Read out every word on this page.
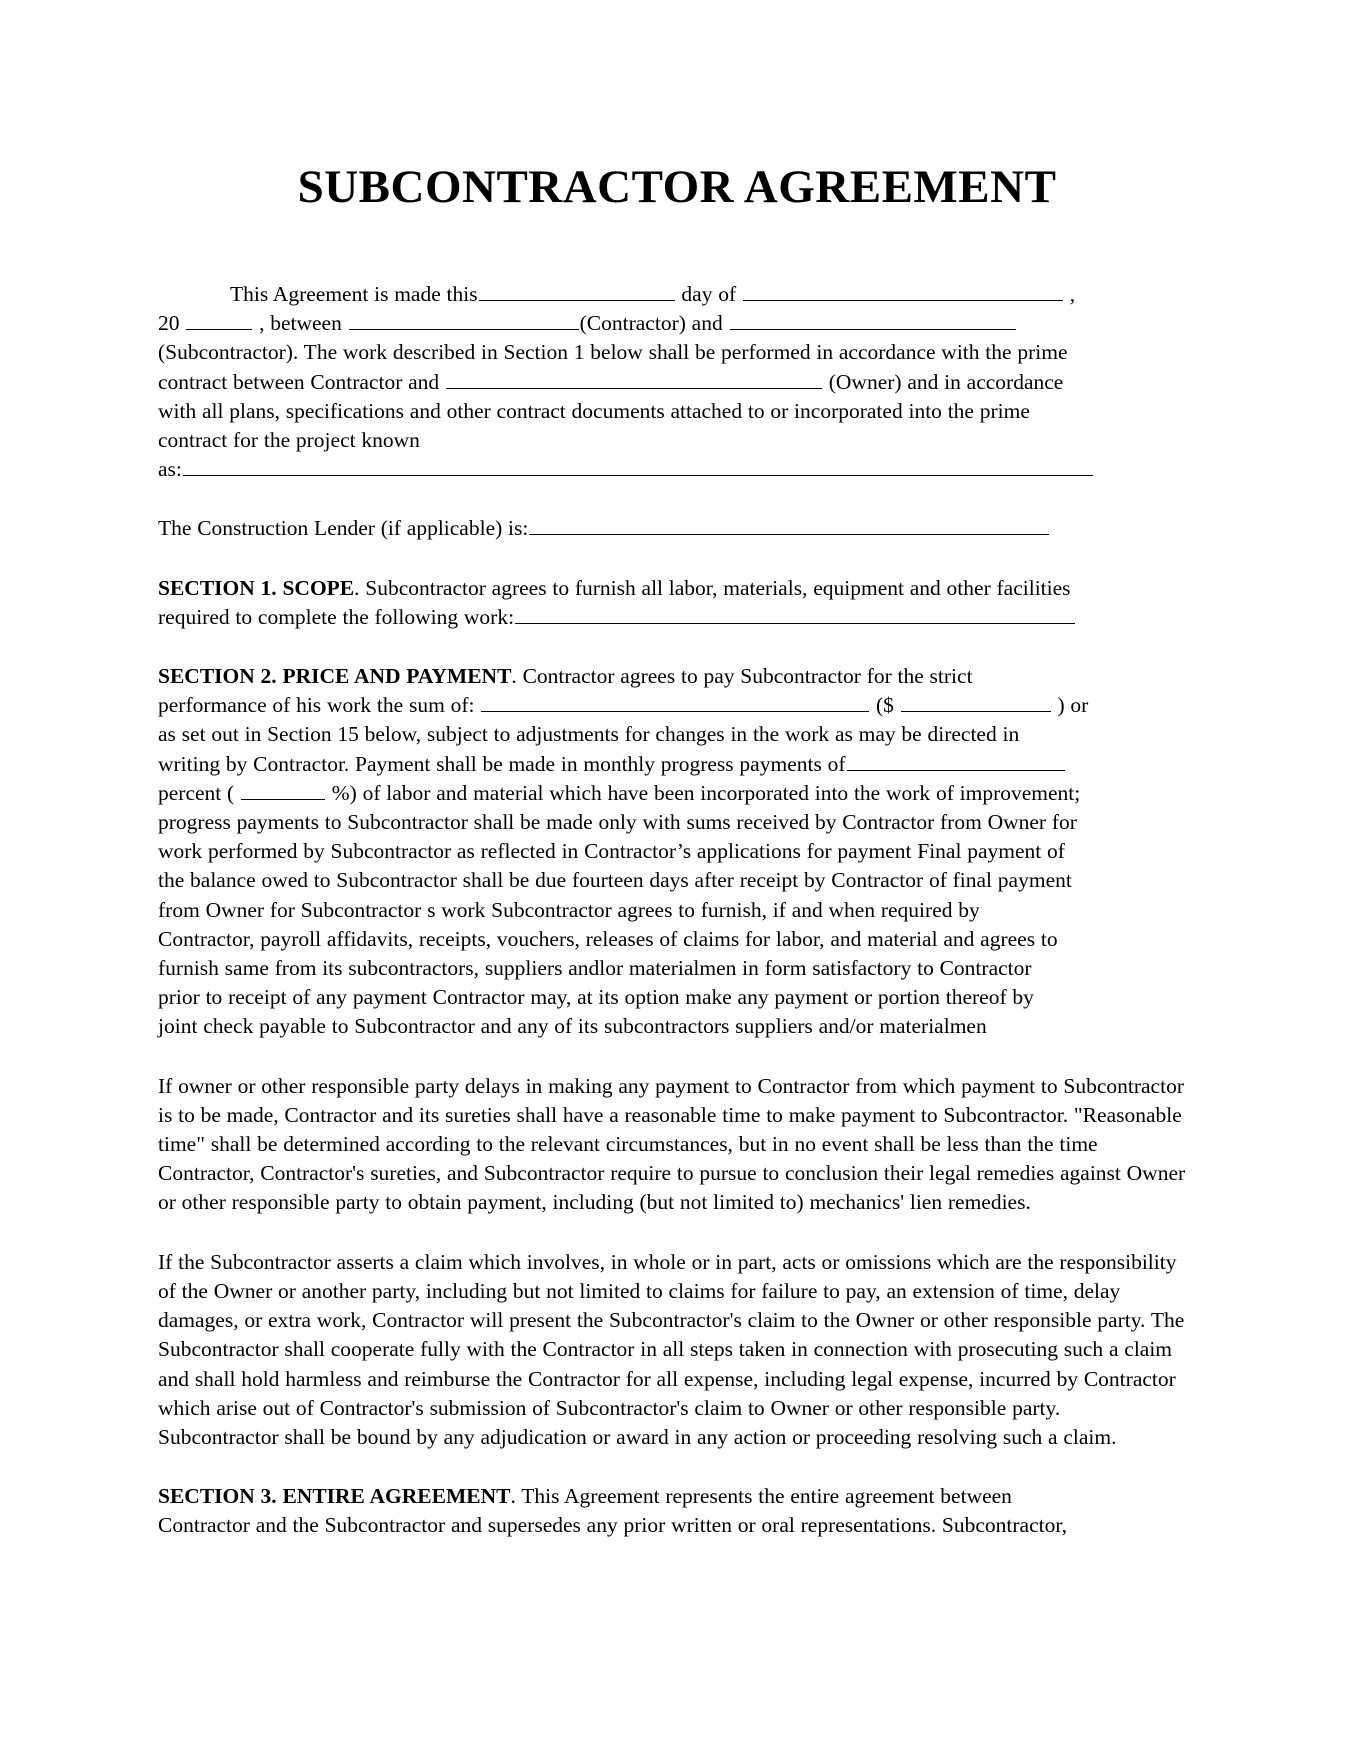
SUBCONTRACTOR AGREEMENT

This Agreement is made this	day of	,
20	, between	(Contractor) and
(Subcontractor). The work described in Section 1 below shall be performed in accordance with the prime
contract between Contractor and	(Owner) and in accordance
with all plans, specifications and other contract documents attached to or incorporated into the prime
contract for the project known
as:

The Construction Lender (if applicable) is:

SECTION 1. SCOPE. Subcontractor agrees to furnish all labor, materials, equipment and other facilities
required to complete the following work:

SECTION 2. PRICE AND PAYMENT. Contractor agrees to pay Subcontractor for the strict
performance of his work the sum of:	($	) or
as set out in Section 15 below, subject to adjustments for changes in the work as may be directed in
writing by Contractor. Payment shall be made in monthly progress payments of
percent (	%) of labor and material which have been incorporated into the work of improvement;
progress payments to Subcontractor shall be made only with sums received by Contractor from Owner for
work performed by Subcontractor as reflected in Contractor’s applications for payment Final payment of
the balance owed to Subcontractor shall be due fourteen days after receipt by Contractor of final payment
from Owner for Subcontractor s work Subcontractor agrees to furnish, if and when required by
Contractor, payroll affidavits, receipts, vouchers, releases of claims for labor, and material and agrees to
furnish same from its subcontractors, suppliers andlor materialmen in form satisfactory to Contractor
prior to receipt of any payment Contractor may, at its option make any payment or portion thereof by
joint check payable to Subcontractor and any of its subcontractors suppliers and/or materialmen

If owner or other responsible party delays in making any payment to Contractor from which payment to Subcontractor is to be made, Contractor and its sureties shall have a reasonable time to make payment to Subcontractor. "Reasonable time" shall be determined according to the relevant circumstances, but in no event shall be less than the time Contractor, Contractor's sureties, and Subcontractor require to pursue to conclusion their legal remedies against Owner or other responsible party to obtain payment, including (but not limited to) mechanics' lien remedies.

If the Subcontractor asserts a claim which involves, in whole or in part, acts or omissions which are the responsibility of the Owner or another party, including but not limited to claims for failure to pay, an extension of time, delay damages, or extra work, Contractor will present the Subcontractor's claim to the Owner or other responsible party. The Subcontractor shall cooperate fully with the Contractor in all steps taken in connection with prosecuting such a claim and shall hold harmless and reimburse the Contractor for all expense, including legal expense, incurred by Contractor which arise out of Contractor's submission of Subcontractor's claim to Owner or other responsible party. Subcontractor shall be bound by any adjudication or award in any action or proceeding resolving such a claim.

SECTION 3. ENTIRE AGREEMENT. This Agreement represents the entire agreement between
Contractor and the Subcontractor and supersedes any prior written or oral representations. Subcontractor,
